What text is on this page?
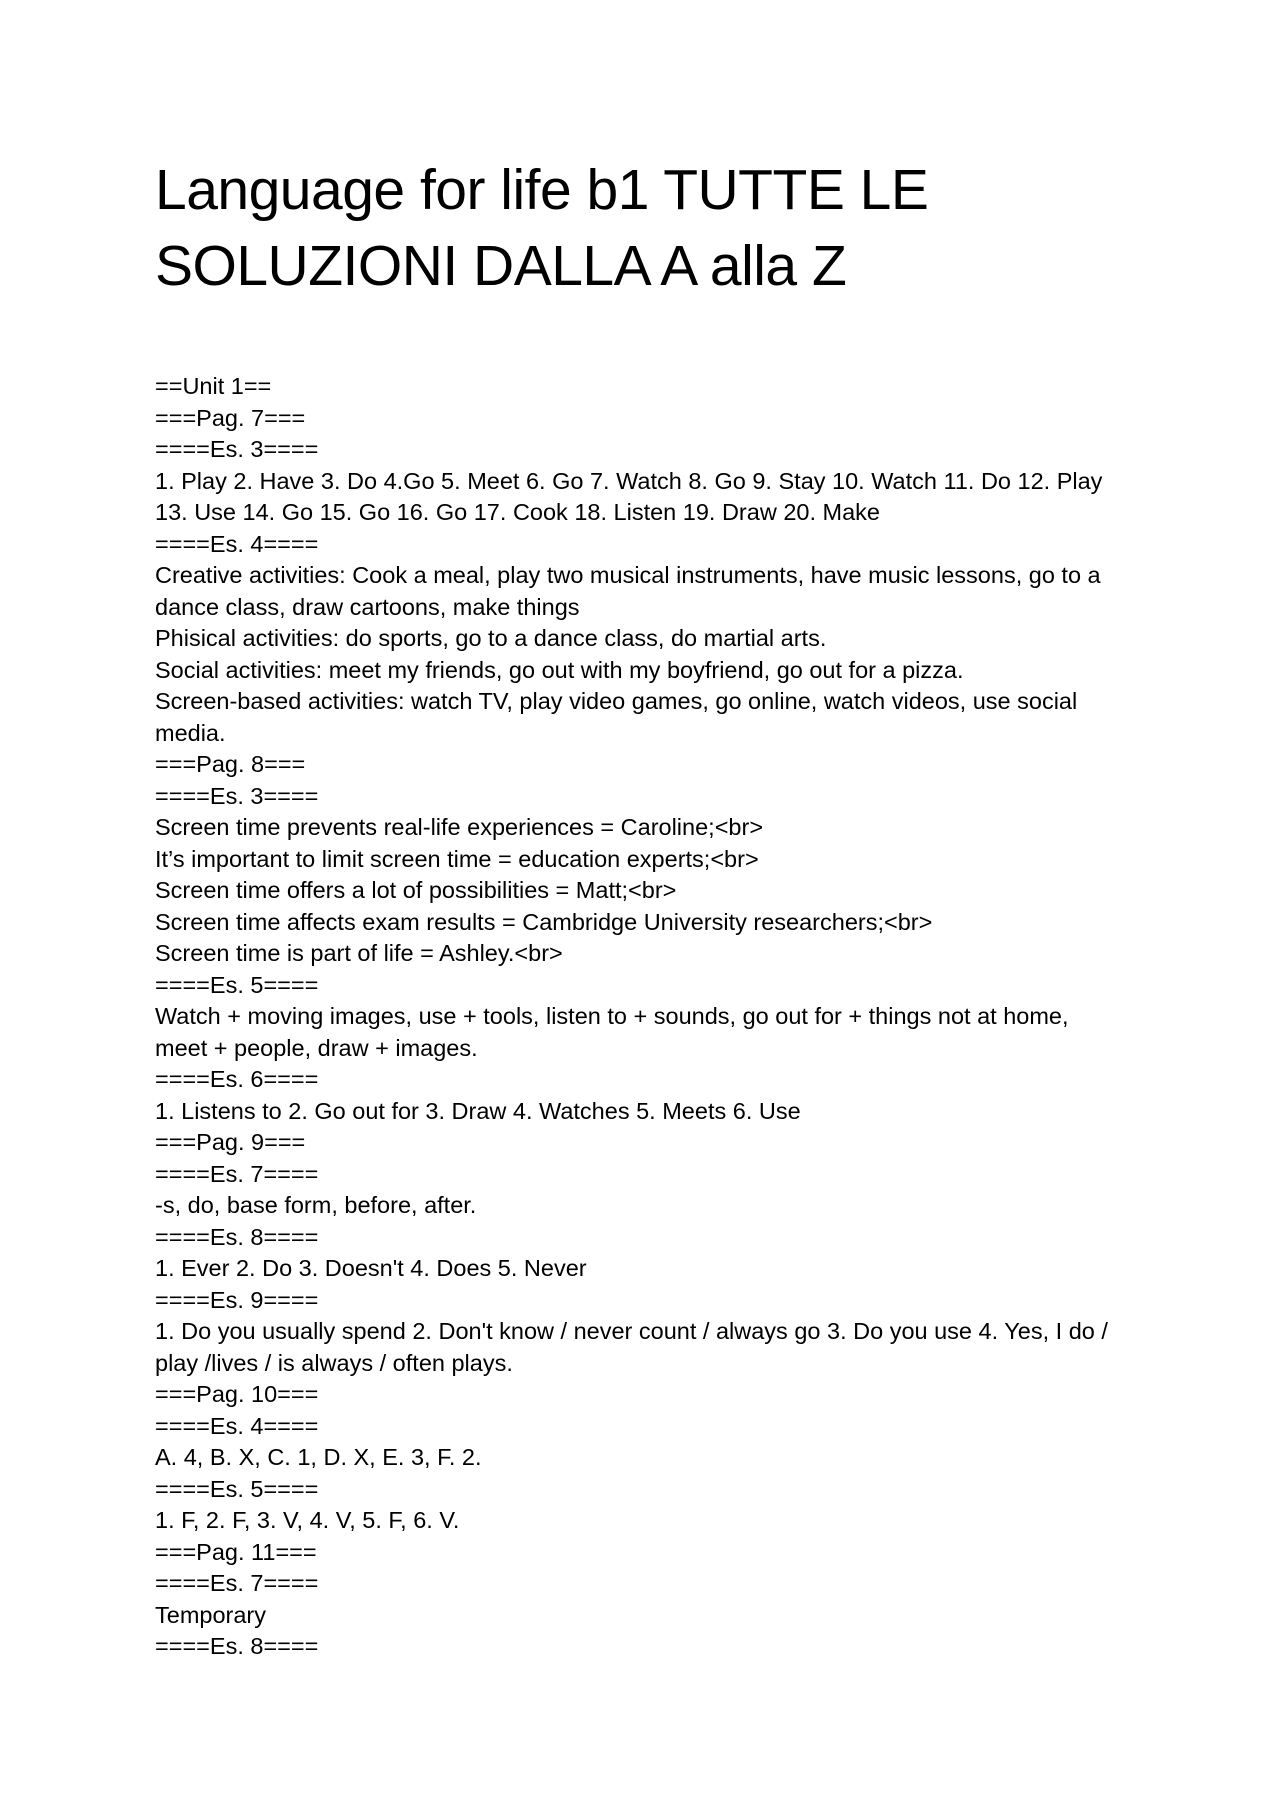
Language for life b1 TUTTE LE
SOLUZIONI DALLA A alla Z
==Unit 1==
===Pag. 7===
====Es. 3====
1. Play 2. Have 3. Do 4.Go 5. Meet 6. Go 7. Watch 8. Go 9. Stay 10. Watch 11. Do 12. Play
13. Use 14. Go 15. Go 16. Go 17. Cook 18. Listen 19. Draw 20. Make
====Es. 4====
Creative activities: Cook a meal, play two musical instruments, have music lessons, go to a
dance class, draw cartoons, make things
Phisical activities: do sports, go to a dance class, do martial arts.
Social activities: meet my friends, go out with my boyfriend, go out for a pizza.
Screen-based activities: watch TV, play video games, go online, watch videos, use social
media.
===Pag. 8===
====Es. 3====
Screen time prevents real-life experiences = Caroline;<br>
It’s important to limit screen time = education experts;<br>
Screen time offers a lot of possibilities = Matt;<br>
Screen time affects exam results = Cambridge University researchers;<br>
Screen time is part of life = Ashley.<br>
====Es. 5====
Watch + moving images, use + tools, listen to + sounds, go out for + things not at home,
meet + people, draw + images.
====Es. 6====
1. Listens to 2. Go out for 3. Draw 4. Watches 5. Meets 6. Use
===Pag. 9===
====Es. 7====
-s, do, base form, before, after.
====Es. 8====
1. Ever 2. Do 3. Doesn't 4. Does 5. Never
====Es. 9====
1. Do you usually spend 2. Don't know / never count / always go 3. Do you use 4. Yes, I do /
play /lives / is always / often plays.
===Pag. 10===
====Es. 4====
A. 4, B. X, C. 1, D. X, E. 3, F. 2.
====Es. 5====
1. F, 2. F, 3. V, 4. V, 5. F, 6. V.
===Pag. 11===
====Es. 7====
Temporary
====Es. 8====
